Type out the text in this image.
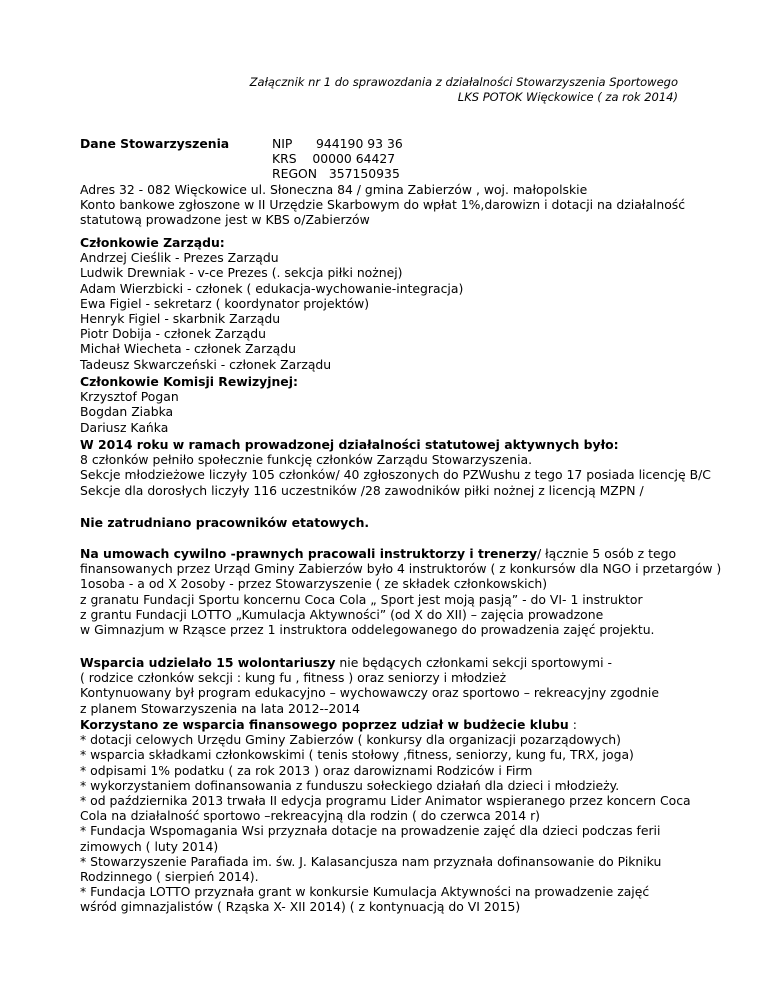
Załącznik nr 1 do sprawozdania z działalności Stowarzyszenia Sportowego

LKS POTOK Więckowice ( za rok 2014)

Dane Stowarzyszenia	NIP      944190 93 36

KRS    00000 64427

REGON   357150935

Adres 32 - 082 Więckowice ul. Słoneczna 84 / gmina Zabierzów , woj. małopolskie

Konto bankowe zgłoszone w II Urzędzie Skarbowym do wpłat 1%,darowizn i dotacji na działalność

statutową prowadzone jest w KBS o/Zabierzów

Członkowie Zarządu:

Andrzej Cieślik - Prezes Zarządu

Ludwik Drewniak - v-ce Prezes (. sekcja piłki nożnej)

Adam Wierzbicki - członek ( edukacja-wychowanie-integracja)

Ewa Figiel - sekretarz ( koordynator projektów)

Henryk Figiel - skarbnik Zarządu

Piotr Dobija - członek Zarządu

Michał Wiecheta - członek Zarządu

Tadeusz Skwarczeński - członek Zarządu

Członkowie Komisji Rewizyjnej:

Krzysztof Pogan

Bogdan Ziabka

Dariusz Kańka

W 2014 roku w ramach prowadzonej działalności statutowej aktywnych było:

8 członków pełniło społecznie funkcję członków Zarządu Stowarzyszenia.

Sekcje młodzieżowe liczyły 105 członków/ 40 zgłoszonych do PZWushu z tego 17 posiada licencję B/C

Sekcje dla dorosłych liczyły 116 uczestników /28 zawodników piłki nożnej z licencją MZPN /

Nie zatrudniano pracowników etatowych.

Na umowach cywilno -prawnych pracowali instruktorzy i trenerzy/ łącznie 5 osób z tego

finansowanych przez Urząd Gminy Zabierzów było 4 instruktorów ( z konkursów dla NGO i przetargów )

1osoba - a od X 2osoby - przez Stowarzyszenie ( ze składek członkowskich)

z granatu Fundacji Sportu koncernu Coca Cola „ Sport jest moją pasją” - do VI- 1 instruktor

z grantu Fundacji LOTTO „Kumulacja Aktywności” (od X do XII) – zajęcia prowadzone

w Gimnazjum w Rząsce przez 1 instruktora oddelegowanego do prowadzenia zajęć projektu.

Wsparcia udzielało 15 wolontariuszy nie będących członkami sekcji sportowymi -

( rodzice członków sekcji : kung fu , fitness ) oraz seniorzy i młodzież

Kontynuowany był program edukacyjno – wychowawczy oraz sportowo – rekreacyjny zgodnie

z planem Stowarzyszenia na lata 2012--2014

Korzystano ze wsparcia finansowego poprzez udział w budżecie klubu :

* dotacji celowych Urzędu Gminy Zabierzów ( konkursy dla organizacji pozarządowych)

* wsparcia składkami członkowskimi ( tenis stołowy ,fitness, seniorzy, kung fu, TRX, joga)

* odpisami 1% podatku ( za rok 2013 ) oraz darowiznami Rodziców i Firm

* wykorzystaniem dofinansowania z funduszu sołeckiego działań dla dzieci i młodzieży.

* od października 2013 trwała II edycja programu Lider Animator wspieranego przez koncern Coca

Cola na działalność sportowo –rekreacyjną dla rodzin ( do czerwca 2014 r)

* Fundacja Wspomagania Wsi przyznała dotacje na prowadzenie zajęć dla dzieci podczas ferii

zimowych ( luty 2014)

* Stowarzyszenie Parafiada im. św. J. Kalasancjusza nam przyznała dofinansowanie do Pikniku

Rodzinnego ( sierpień 2014).

* Fundacja LOTTO przyznała grant w konkursie Kumulacja Aktywności na prowadzenie zajęć

wśród gimnazjalistów ( Rząska X- XII 2014) ( z kontynuacją do VI 2015)
